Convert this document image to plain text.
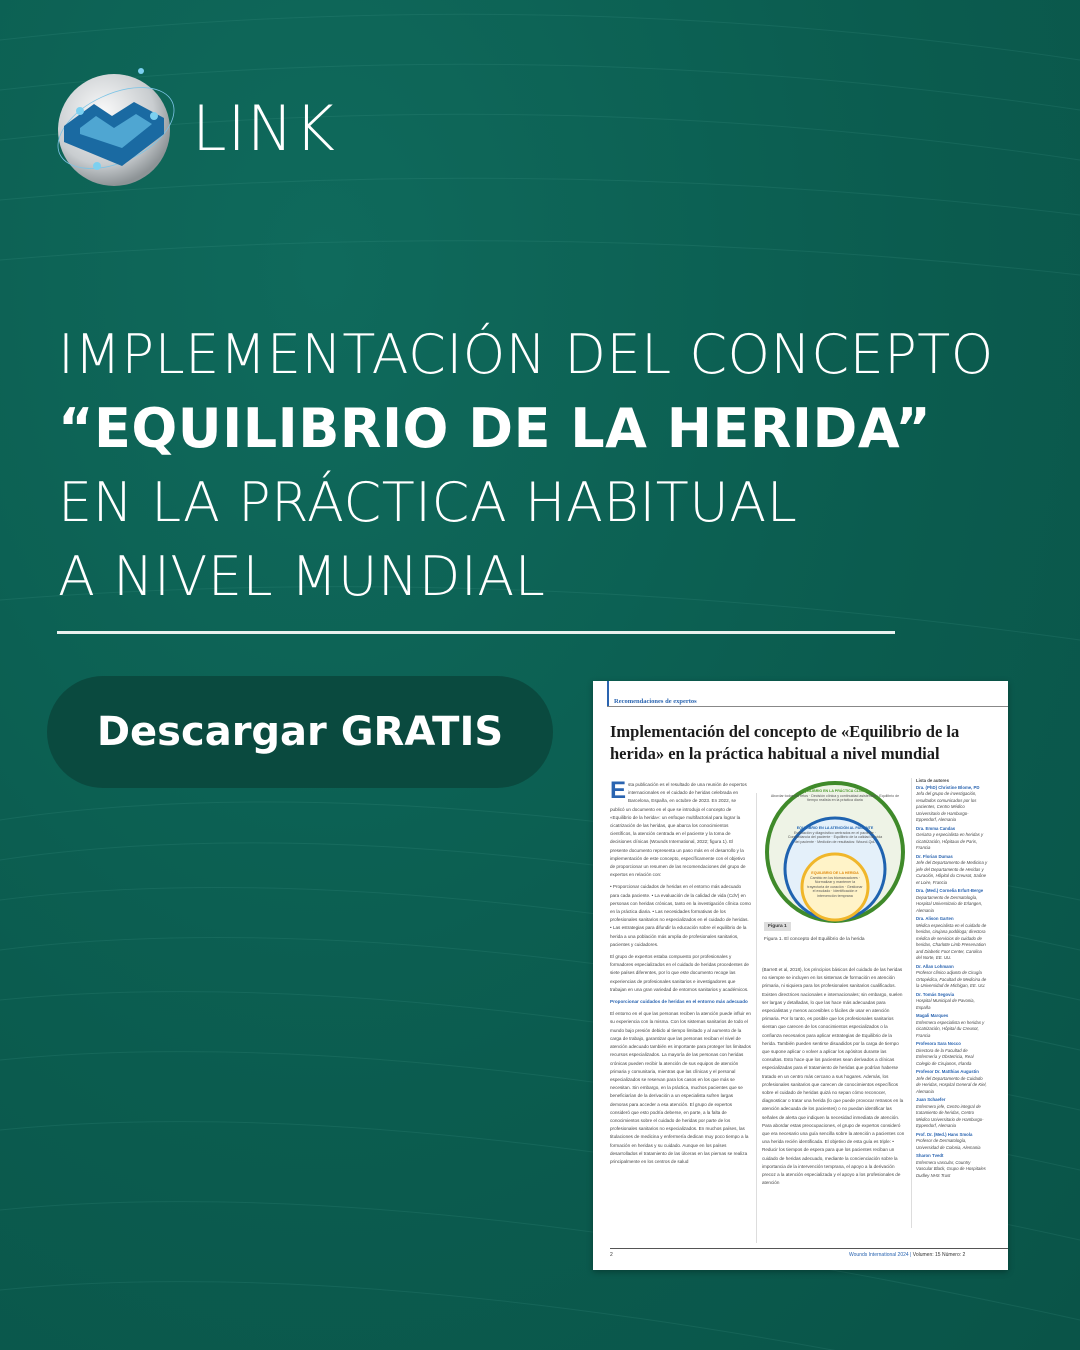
LINK
IMPLEMENTACIÓN DEL CONCEPTO
“EQUILIBRIO DE LA HERIDA”
EN LA PRÁCTICA HABITUAL
A NIVEL MUNDIAL
Descargar GRATIS
Recomendaciones de expertos
Implementación del concepto de «Equilibrio de la herida» en la práctica habitual a nivel mundial

Esta publicación es el resultado de una reunión de expertos internacionales en el cuidado de heridas celebrada en Barcelona, España, en octubre de 2023. En 2022, se publicó un documento en el que se introdujo el concepto de «Equilibrio de la herida»: un enfoque multifactorial para lograr la cicatrización de las heridas, que abarca los conocimientos científicos, la atención centrada en el paciente y la toma de decisiones clínicas (Wounds International, 2022; figura 1). El presente documento representa un paso más en el desarrollo y la implementación de este concepto, específicamente con el objetivo de proporcionar un resumen de las recomendaciones del grupo de expertos en relación con:

• Proporcionar cuidados de heridas en el entorno más adecuado para cada paciente. • La evaluación de la calidad de vida (CdV) en personas con heridas crónicas, tanto en la investigación clínica como en la práctica diaria. • Las necesidades formativas de los profesionales sanitarios no especializados en el cuidado de heridas. • Las estrategias para difundir la educación sobre el equilibrio de la herida a una población más amplia de profesionales sanitarios, pacientes y cuidadores.

El grupo de expertos estaba compuesto por profesionales y formadores especializados en el cuidado de heridas procedentes de siete países diferentes, por lo que este documento recoge las experiencias de profesionales sanitarios e investigadores que trabajan en una gran variedad de entornos sanitarios y académicos.

Proporcionar cuidados de heridas en el entorno más adecuado

El entorno en el que las personas reciben la atención puede influir en su experiencia con la misma. Con los sistemas sanitarios de todo el mundo bajo presión debido al tiempo limitado y al aumento de la carga de trabajo, garantizar que las personas reciban el nivel de atención adecuado también es importante para proteger los limitados recursos especializados. La mayoría de las personas con heridas crónicas pueden recibir la atención de sus equipos de atención primaria y comunitaria, mientras que las clínicas y el personal especializados se reservan para los casos en los que más se necesitan. Sin embargo, en la práctica, muchos pacientes que se beneficiarían de la derivación a un especialista sufren largas demoras para acceder a esa atención. El grupo de expertos consideró que esto podría deberse, en parte, a la falta de conocimientos sobre el cuidado de heridas por parte de los profesionales sanitarios no especializados. En muchos países, las titulaciones de medicina y enfermería dedican muy poco tiempo a la formación en heridas y su cuidado. Aunque en los países desarrollados el tratamiento de las úlceras en las piernas se realiza principalmente en los centros de salud

EQUILIBRIO EN LA PRÁCTICA CLÍNICA
Abordar todos los retos · Decisión clínica y continuidad asistencial · Equilibrio de tiempo realista en la práctica diaria
EQUILIBRIO EN LA ATENCIÓN AL PACIENTE
Evaluación y diagnóstico centrados en el paciente · Concordancia del paciente · Equilibrio de la calidad de vida del paciente · Medición de resultados: Wound-QoL
EQUILIBRIO DE LA HERIDA
Cambio en los biomarcadores · Normalizar y mantener la trayectoria de curación · Gestionar el exudado · Identificación e intervención temprana
Figura 1
Figura 1. El concepto del Equilibrio de la herida

(Barrett et al, 2018), los principios básicos del cuidado de las heridas no siempre se incluyen en los sistemas de formación en atención primaria, ni siquiera para los profesionales sanitarios cualificados. Existen directrices nacionales e internacionales; sin embargo, suelen ser largas y detalladas, lo que las hace más adecuadas para especialistas y menos accesibles o fáciles de usar en atención primaria. Por lo tanto, es posible que los profesionales sanitarios sientan que carecen de los conocimientos especializados o la confianza necesarios para aplicar estrategias de Equilibrio de la herida. También pueden sentirse disuadidos por la carga de tiempo que supone aplicar o volver a aplicar los apósitos durante las consultas. Esto hace que los pacientes sean derivados a clínicas especializadas para el tratamiento de heridas que podrían haberse tratado en un centro más cercano a sus hogares. Además, los profesionales sanitarios que carecen de conocimientos específicos sobre el cuidado de heridas quizá no sepan cómo reconocer, diagnosticar o tratar una herida (lo que puede provocar retrasos en la atención adecuada de los pacientes) o no puedan identificar las señales de alerta que indiquen la necesidad inmediata de atención. Para abordar estas preocupaciones, el grupo de expertos consideró que era necesario una guía sencilla sobre la atención a pacientes con una herida recién identificada. El objetivo de esta guía es triple: • Reducir los tiempos de espera para que los pacientes reciban un cuidado de heridas adecuado, mediante la concienciación sobre la importancia de la intervención temprana, el apoyo a la derivación precoz a la atención especializada y el apoyo a los profesionales de atención

Lista de autores
Dra. (PhD) Christine Blome, PD
Jefa del grupo de investigación, resultados comunicados por los pacientes, Centro Médico Universitario de Hamburgo-Eppendorf, Alemania
Dra. Emma Candas
Geriatra y especialista en heridas y cicatrización, Hôpitaux de Paris, Francia
Dr. Florian Dumas
Jefe del Departamento de Medicina y jefe del Departamento de Heridas y Curación, Hôpital du Creusot, Saône et Loire, Francia
Dra. (Med.) Cornelia Erfurt-Berge
Departamento de Dermatología, Hospital Universitario de Erlangen, Alemania
Dra. Alison Garten
Médica especialista en el cuidado de heridas, cirujana podóloga; directora médica de servicios de cuidado de heridas, Charlotte Limb Preservation and Diabetic Foot Center, Carolina del Norte, EE. UU.
Dr. Allan Lohmann
Profesor clínico adjunto de Cirugía Ortopédica, Facultad de Medicina de la Universidad de Michigan, EE. UU.
Dr. Tomás Segovia
Hospital Municipal de Pavonia, España
Magali Marques
Enfermera especialista en heridas y cicatrización, Hôpital du Creusot, Francia
Profesora Sara Nocco
Directora de la Facultad de Enfermería y Obstetricia, Real Colegio de Cirujanos, Irlanda
Profesor Dr. Matthias Augustin
Jefe del Departamento de Cuidado de Heridas, Hospital General de Kiel, Alemania
Juan Schaefer
Enfermero jefe, Centro integral de tratamiento de heridas, Centro Médico Universitario de Hamburgo-Eppendorf, Alemania
Prof. Dr. (Med.) Hans Smola
Profesor de Dermatología, Universidad de Colonia, Alemania
Sharon Tvedt
Enfermera vascular, Country Vascular Black, Grupo de Hospitales Dudley NHS Trust
2	Wounds International 2024 | Volumen: 15 Número: 2
